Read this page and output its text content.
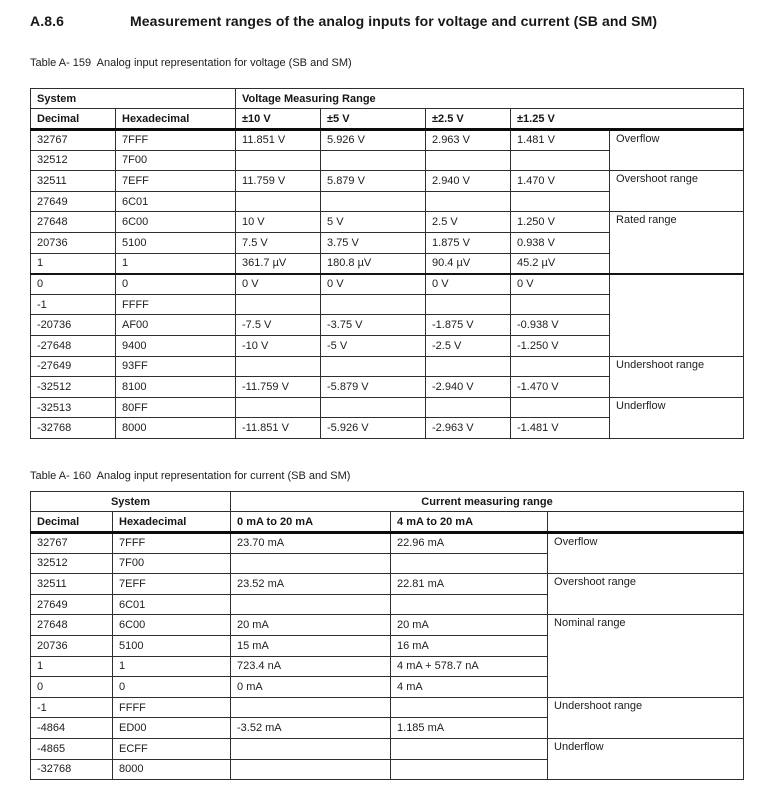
A.8.6	Measurement ranges of the analog inputs for voltage and current (SB and SM)
Table A- 159  Analog input representation for voltage (SB and SM)
Table A- 160  Analog input representation for current (SB and SM)
System		Voltage Measuring Range				
Decimal	Hexadecimal	±10 V	±5 V	±2.5 V	±1.25 V	
32767	7FFF	11.851 V	5.926 V	2.963 V	1.481 V	Overflow
32512	7F00					
32511	7EFF	11.759 V	5.879 V	2.940 V	1.470 V	Overshoot range
27649	6C01					
27648	6C00	10 V	5 V	2.5 V	1.250 V	Rated range
20736	5100	7.5 V	3.75 V	1.875 V	0.938 V	
1	1	361.7 µV	180.8 µV	90.4 µV	45.2 µV	
0	0	0 V	0 V	0 V	0 V	
-1	FFFF					
-20736	AF00	-7.5 V	-3.75 V	-1.875 V	-0.938 V	
-27648	9400	-10 V	-5 V	-2.5 V	-1.250 V	
-27649	93FF					Undershoot range
-32512	8100	-11.759 V	-5.879 V	-2.940 V	-1.470 V	
-32513	80FF					Underflow
-32768	8000	-11.851 V	-5.926 V	-2.963 V	-1.481 V	
System		Current measuring range		
Decimal	Hexadecimal	0 mA to 20 mA	4 mA to 20 mA	
32767	7FFF	23.70 mA	22.96 mA	Overflow
32512	7F00			
32511	7EFF	23.52 mA	22.81 mA	Overshoot range
27649	6C01			
27648	6C00	20 mA	20 mA	Nominal range
20736	5100	15 mA	16 mA	
1	1	723.4 nA	4 mA + 578.7 nA	
0	0	0 mA	4 mA	
-1	FFFF			Undershoot range
-4864	ED00	-3.52 mA	1.185 mA	
-4865	ECFF			Underflow
-32768	8000			
